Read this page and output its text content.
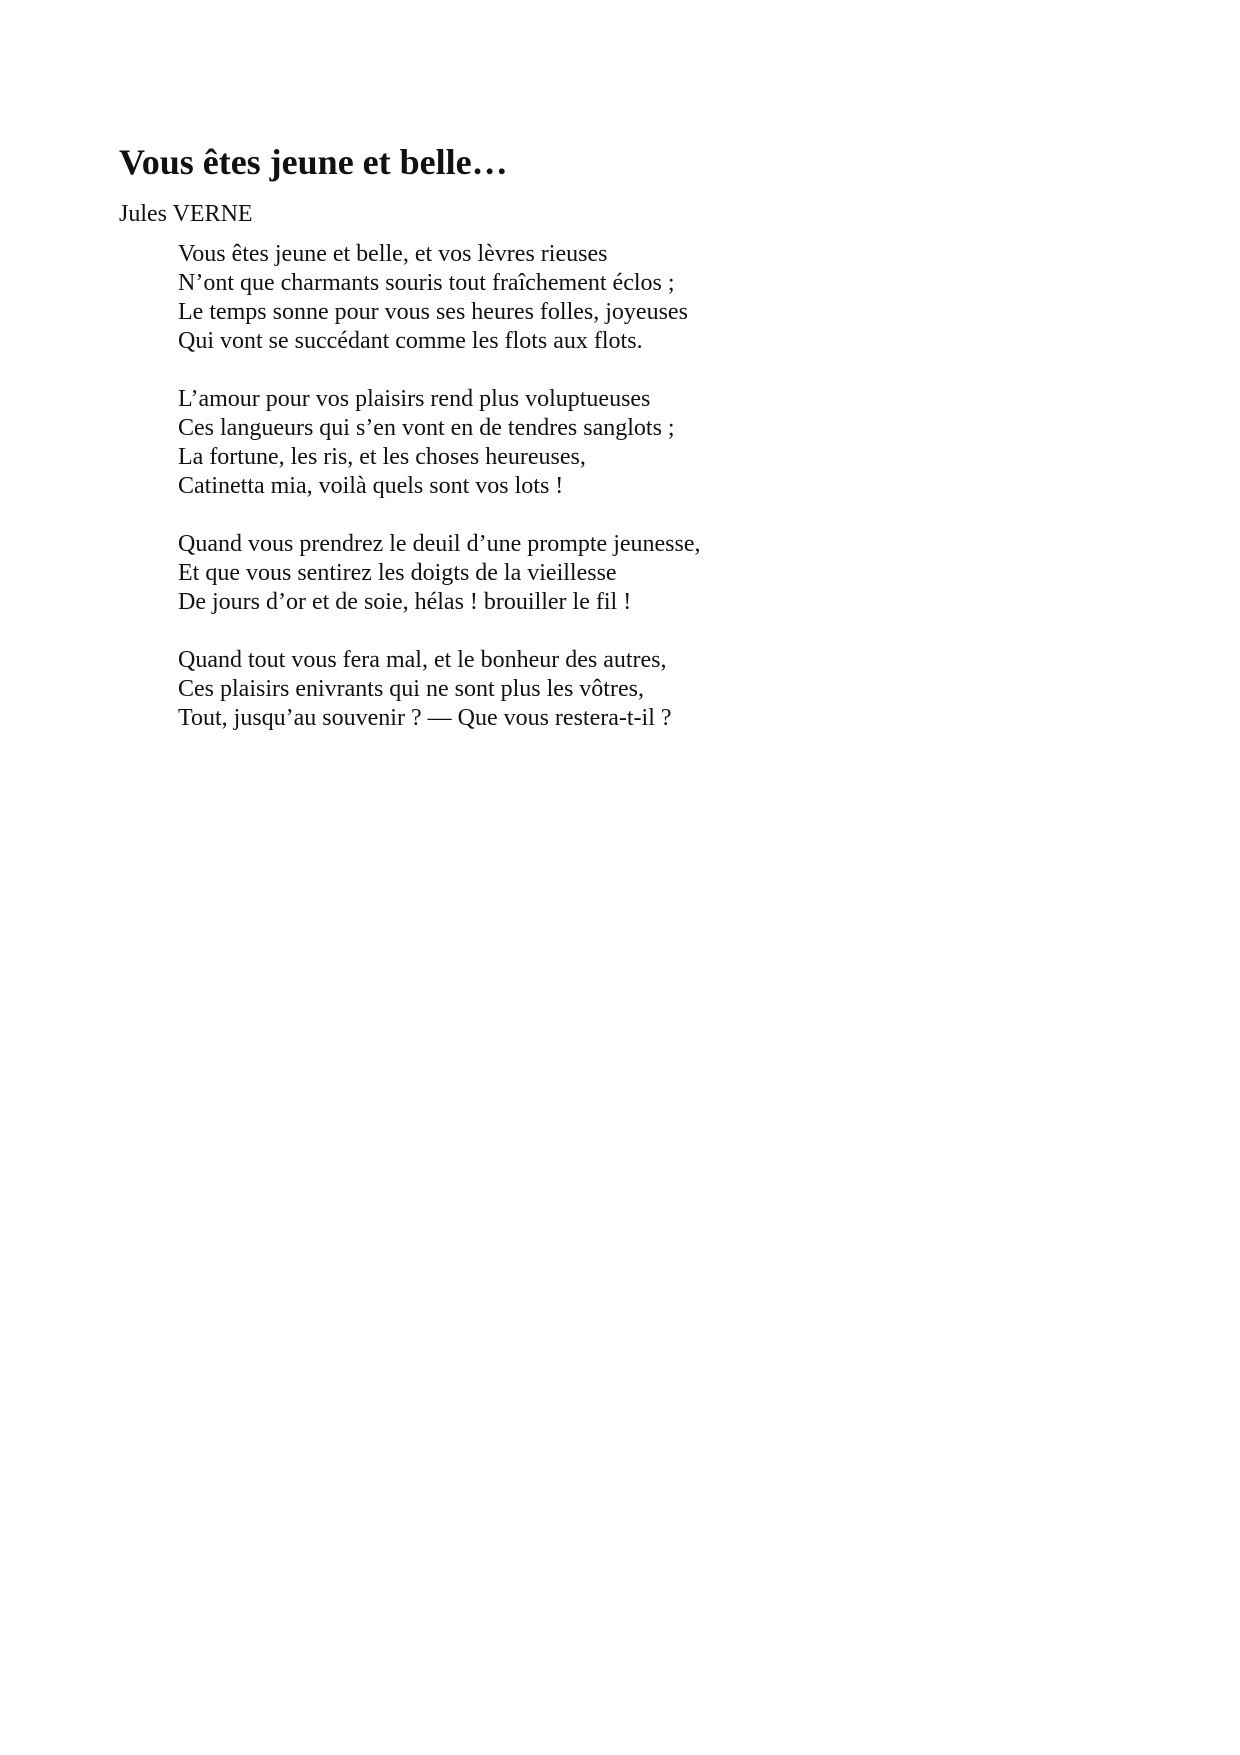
Vous êtes jeune et belle…

Jules VERNE

Vous êtes jeune et belle, et vos lèvres rieuses
N’ont que charmants souris tout fraîchement éclos ;
Le temps sonne pour vous ses heures folles, joyeuses
Qui vont se succédant comme les flots aux flots.
L’amour pour vos plaisirs rend plus voluptueuses
Ces langueurs qui s’en vont en de tendres sanglots ;
La fortune, les ris, et les choses heureuses,
Catinetta mia, voilà quels sont vos lots !
Quand vous prendrez le deuil d’une prompte jeunesse,
Et que vous sentirez les doigts de la vieillesse
De jours d’or et de soie, hélas ! brouiller le fil !
Quand tout vous fera mal, et le bonheur des autres,
Ces plaisirs enivrants qui ne sont plus les vôtres,
Tout, jusqu’au souvenir ? — Que vous restera-t-il ?
